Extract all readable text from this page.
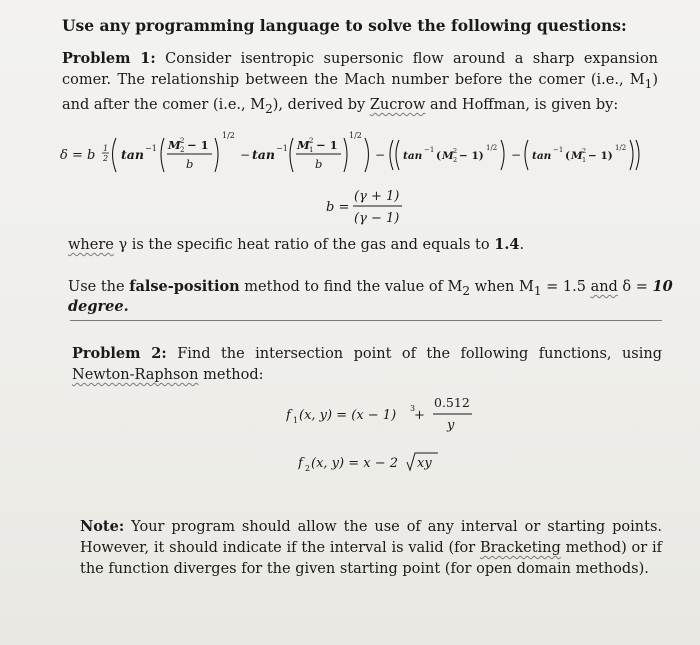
Use any programming language to solve the following questions:
Problem 1: Consider isentropic supersonic flow around a sharp expansion comer. The relationship between the Mach number before the comer (i.e., $M_1$) and after the comer (i.e., $M_2$), derived by Zucrow and Hoffman, is given by:
δ = b 1
2 tan −1 M 2
2 − 1
b
1/2
− tan −1 M 2
1 − 1
b
1/2
− tan −1 ( M 2
2 − 1)
1/2 − tan −1 ( M 2
1 − 1)
1/2
b =
(γ + 1)
(γ − 1)
where γ is the specific heat ratio of the gas and equals to 1.4.
Use the false-position method to find the value of $M_2$ when $M_1 = 1.5$ and δ = 10 degree.
Problem 2: Find the intersection point of the following functions, using Newton-Raphson method:
f 1 (x, y) = (x − 1) 3
+
0.512
y
f 2 (x, y) = x − 2 xy
Note: Your program should allow the use of any interval or starting points. However, it should indicate if the interval is valid (for Bracketing method) or if the function diverges for the given starting point (for open domain methods).
